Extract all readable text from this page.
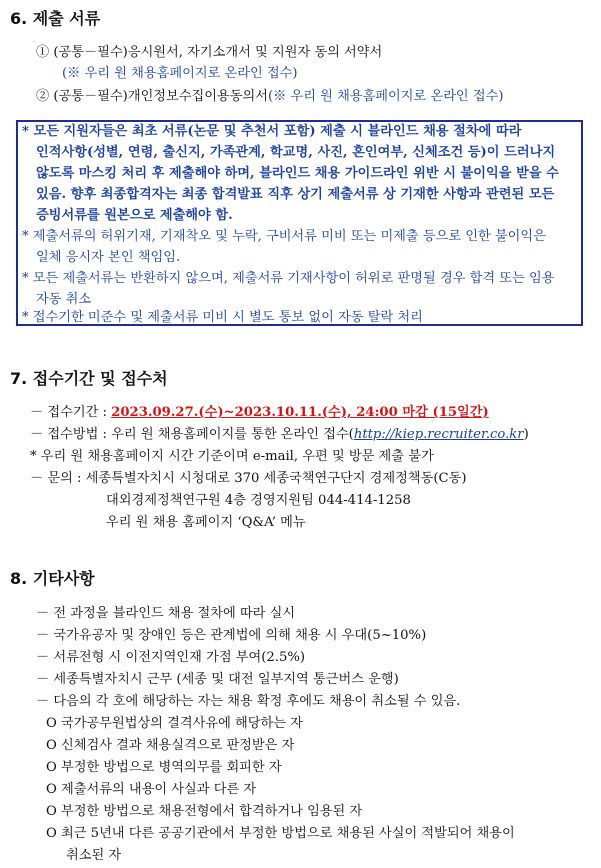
6. 제출 서류
① (공통－필수)응시원서, 자기소개서 및 지원자 동의 서약서
(※ 우리 원 채용홈페이지로 온라인 접수)
② (공통－필수)개인정보수집이용동의서(※ 우리 원 채용홈페이지로 온라인 접수)
* 모든 지원자들은 최초 서류(논문 및 추천서 포함) 제출 시 블라인드 채용 절차에 따라
인적사항(성별, 연령, 출신지, 가족관계, 학교명, 사진, 혼인여부, 신체조건 등)이 드러나지
않도록 마스킹 처리 후 제출해야 하며, 블라인드 채용 가이드라인 위반 시 불이익을 받을 수
있음. 향후 최종합격자는 최종 합격발표 직후 상기 제출서류 상 기재한 사항과 관련된 모든
증빙서류를 원본으로 제출해야 함.
* 제출서류의 허위기재, 기재착오 및 누락, 구비서류 미비 또는 미제출 등으로 인한 불이익은
일체 응시자 본인 책임임.
* 모든 제출서류는 반환하지 않으며, 제출서류 기재사항이 허위로 판명될 경우 합격 또는 임용
자동 취소
* 접수기한 미준수 및 제출서류 미비 시 별도 통보 없이 자동 탈락 처리
7. 접수기간 및 접수처
－ 접수기간 : 2023.09.27.(수)~2023.10.11.(수), 24:00 마감 (15일간)
－ 접수방법 : 우리 원 채용홈페이지를 통한 온라인 접수(http://kiep.recruiter.co.kr)
* 우리 원 채용홈페이지 시간 기준이며 e-mail, 우편 및 방문 제출 불가
－ 문의 : 세종특별자치시 시청대로 370 세종국책연구단지 경제정책동(C동)
대외경제정책연구원 4층 경영지원팀 044-414-1258
우리 원 채용 홈페이지 ‘Q&A’ 메뉴
8. 기타사항
－ 전 과정을 블라인드 채용 절차에 따라 실시
－ 국가유공자 및 장애인 등은 관계법에 의해 채용 시 우대(5~10%)
－ 서류전형 시 이전지역인재 가점 부여(2.5%)
－ 세종특별자치시 근무 (세종 및 대전 일부지역 통근버스 운행)
－ 다음의 각 호에 해당하는 자는 채용 확정 후에도 채용이 취소될 수 있음.
O 국가공무원법상의 결격사유에 해당하는 자
O 신체검사 결과 채용실격으로 판정받은 자
O 부정한 방법으로 병역의무를 회피한 자
O 제출서류의 내용이 사실과 다른 자
O 부정한 방법으로 채용전형에서 합격하거나 임용된 자
O 최근 5년내 다른 공공기관에서 부정한 방법으로 채용된 사실이 적발되어 채용이
취소된 자
